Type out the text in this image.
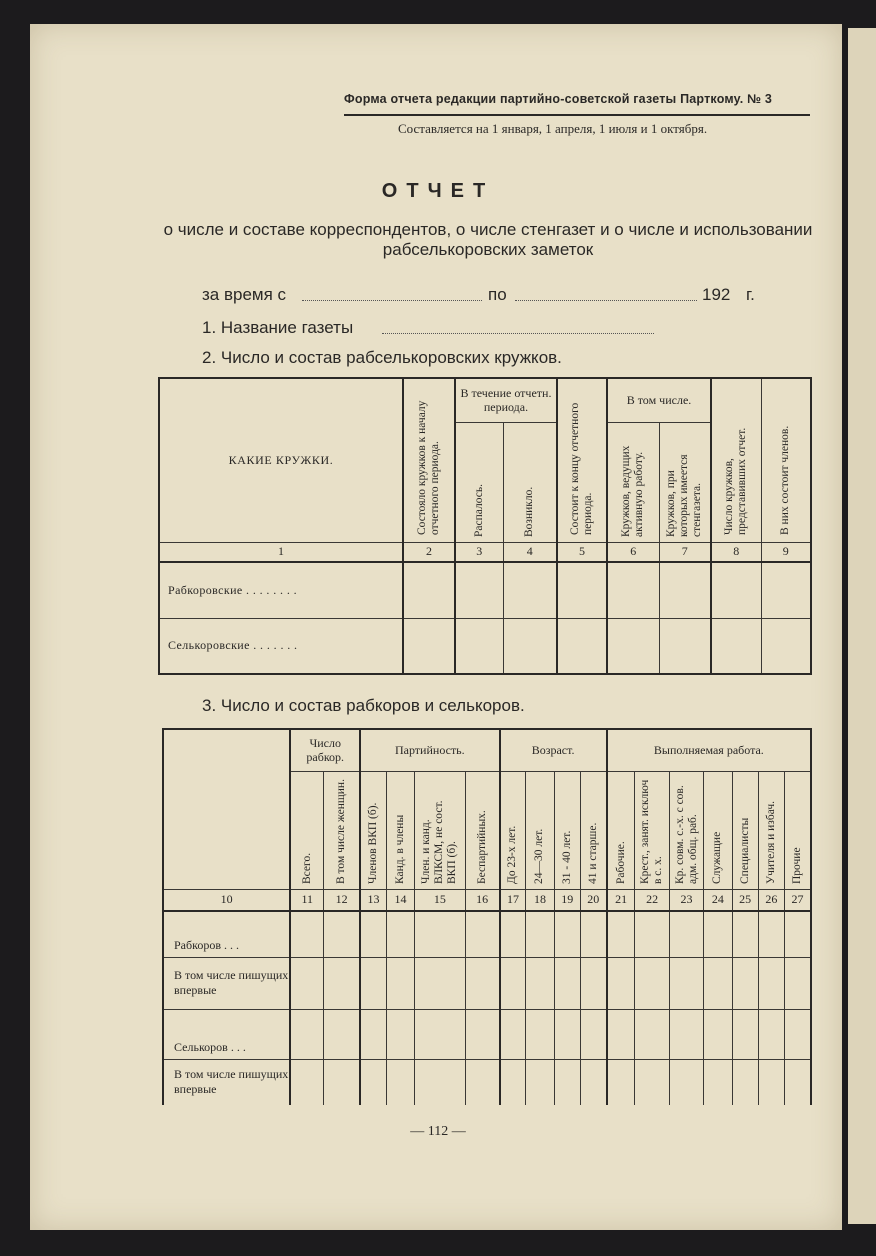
Форма отчета редакции партийно-советской газеты Парткому. № 3
Составляется на 1 января, 1 апреля, 1 июля и 1 октября.
ОТЧЕТ
о числе и составе корреспондентов, о числе стенгазет и о числе и использовании рабселькоровских заметок
за время с	по	192 г.
1. Название газеты
2. Число и состав рабселькоровских кружков.
КАКИЕ КРУЖКИ.	Состояло кружков к началу отчетного периода.	В течение отчетн. периода.		Состоит к концу отчетного периода.	В том числе.		Число кружков, представивших отчет.	В них состоит членов.

		Распалось.	Возникло.		Кружков, ведущих активную работу.	Кружков, при которых имеется стенгазета.		

1	2	3	4	5	6	7	8	9
Рабкоровские . . . . . . . .								
Селькоровские . . . . . . .								
3. Число и состав рабкоров и селькоров.
	Число рабкор.		Партийность.				Возраст.				Выполняемая работа.						

	Всего.	В том числе женщин.	Членов ВКП (б).	Канд. в члены	Член. и канд. ВЛКСМ, не сост. ВКП (б).	Беспартийных.	До 23-х лет.	24—30 лет.	31 - 40 лет.	41 и старше.	Рабочие.	Крест., занят. исключ в с. х.	Кр. совм. с.-х. с сов. адм. общ. раб.	Служащие	Специалисты	Учителя и избач.	Прочие

10	11	12	13	14	15	16	17	18	19	20	21	22	23	24	25	26	27
Рабкоров . . .																	
В том числе пишущих впервые																	
Селькоров . . .																	
В том числе пишущих впервые																	
— 112 —
